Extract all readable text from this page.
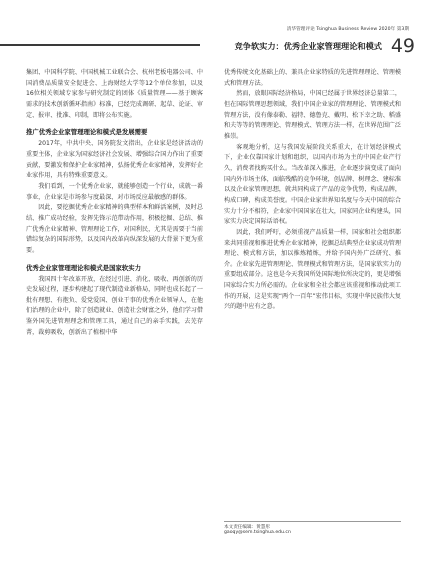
清华管理评论 Tsinghua Business Review 2020年 第3期
竞争软实力：优秀企业家管理理论和模式 49

集团、中国科学院、中国机械工业联合会、杭州老板电器公司、中国消费品质量安全促进会、上海财经大学等12个单位参加，以及16位相关领域专家参与研究制定的团体《质量管理——基于顾客需求的技术创新循环指南》标准，已经完成调研、起草、论证、审定、报审、批准、印制，即将公布实施。

推广优秀企业家管理理论和模式是发展需要

2017年，中共中央、国务院发文指出，企业家是经济活动的重要主体，企业家为国家经济社会发展、增强综合国力作出了重要贡献，要激发和保护企业家精神，弘扬优秀企业家精神，发挥好企业家作用，具有特殊重要意义。

我们看到，一个优秀企业家，就能够创造一个行业，成就一番事业，企业家是市场参与度最深、对市场反应最敏感的群体。

因此，要挖掘优秀企业家精神的典型样本和鲜活案例，及时总结、推广成功经验，发挥先锋示范带动作用，积极挖掘、总结、推广优秀企业家精神、管理理论工作，对国利民，尤其是需要于当前错综复杂的国际形势，以及国内改革向纵深发展的大背景下更为重要。

优秀企业家管理理论和模式是国家软实力

我国四十年改革开放，在经过引进、消化、吸收、再创新的历史发展过程，逐步构建起了现代制造业新格局，同时也成长起了一批有理想、有抱负、爱党爱国、创业干事的优秀企业领导人，在他们治理的企业中，除了创造就业、创造社会财富之外，他们学习借鉴外国先进管理理念和管理工具，通过自己的亲手实践，去芜存菁，裁剪吸收，创新出了植根中华

优秀传统文化基础上的、兼具企业家特质的先进管理理论、管理模式和管理方法。

然而，放眼国际经济格局，中国已经属于世界经济总量第二，但在国际管理思想领域，我们中国企业家的管理理论、管理模式和管理方法，没有像泰勒、福特、德鲁克、戴明、松下幸之助、稻盛和夫等等的管理理论、管理模式、管理方法一样，在世界范围广泛推崇。

客观地分析，这与我国发展阶段关系重大，在计划经济模式下，企业仅靠国家计划和组织，以国内市场为主的中国企业产行久，消费者找购买什么。当改革深入推进，企业逐步演变成了面向国内外市场主体，面临残酷的竞争环境，创品牌、树理念、建标准以及企业家管理思想，就共同构成了产品的竞争优势，构成品牌，构成口碑，构成美誉度。中国企业家世界知名度与今天中国的综合实力十分不相符，企业家中国国家在壮大，国家同企业构建头，国家实力决定国际话语权。

因此，我们呼吁，必须重视产品质量一样，国家和社会组织都来共同重视和推进优秀企业家精神，挖掘总结典型企业家成功管理理论、模式和方法，加以推炼精炼，并给予国内外广泛研究、推介。企业家先进管理理论、管理模式和管理方法，是国家软实力的重要组成部分。这也是今天我国所处国际地位所决定的，更是增强国家综合实力所必需的。企业家和全社会都应该重视和推动此项工作的开展，这是实现“两个一百年”宏伟目标，实现中华民族伟大复兴的题中应有之意。

本文责任编辑：黄慧彤
gaoqy@sem.tsinghua.edu.cn
